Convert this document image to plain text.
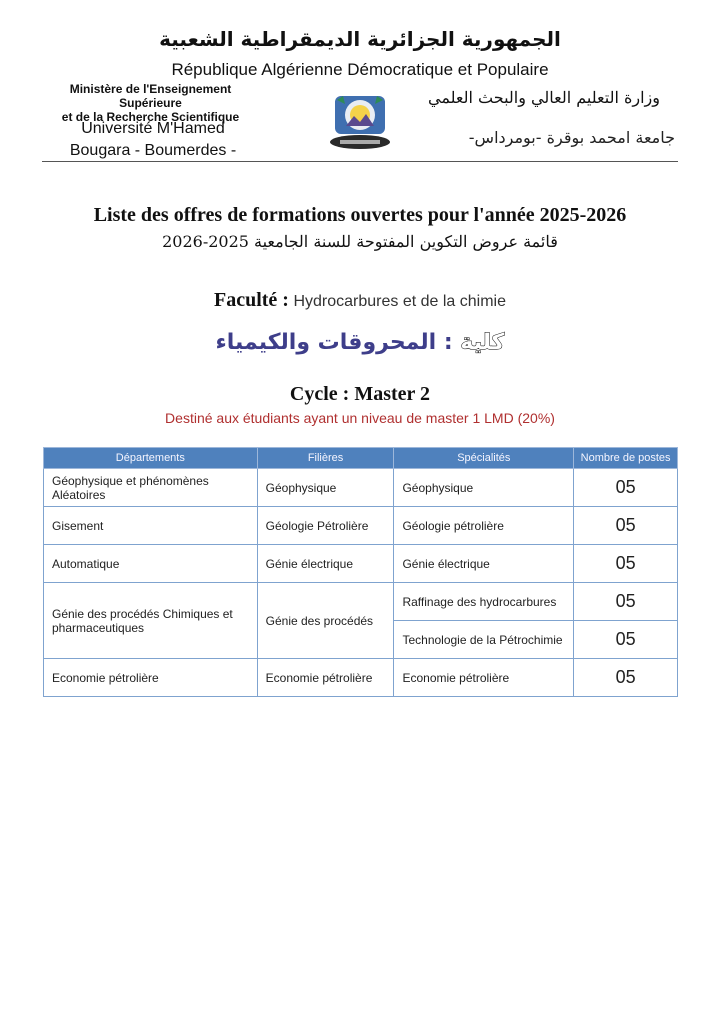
الجمهورية الجزائرية الديمقراطية الشعبية
République Algérienne Démocratique et Populaire
Ministère de l'Enseignement Supérieure
et de la Recherche Scientifique
Université M'Hamed
Bougara - Boumerdes -
وزارة التعليم العالي والبحث العلمي
جامعة امحمد بوقرة -بومرداس-
Liste des offres de formations ouvertes pour l'année 2025-2026
قائمة عروض التكوين المفتوحة للسنة الجامعية 2025-2026
Faculté : Hydrocarbures et de la chimie
كلية : المحروقات والكيمياء
Cycle : Master 2
Destiné aux étudiants ayant un niveau de master 1 LMD (20%)
Départements	Filières	Spécialités	Nombre de postes
Géophysique et phénomènes Aléatoires	Géophysique	Géophysique	05
Gisement	Géologie Pétrolière	Géologie pétrolière	05
Automatique	Génie électrique	Génie électrique	05
Génie des procédés Chimiques et pharmaceutiques	Génie des procédés	Raffinage des hydrocarbures	05
		Technologie de la Pétrochimie	05
Economie pétrolière	Economie pétrolière	Economie pétrolière	05
